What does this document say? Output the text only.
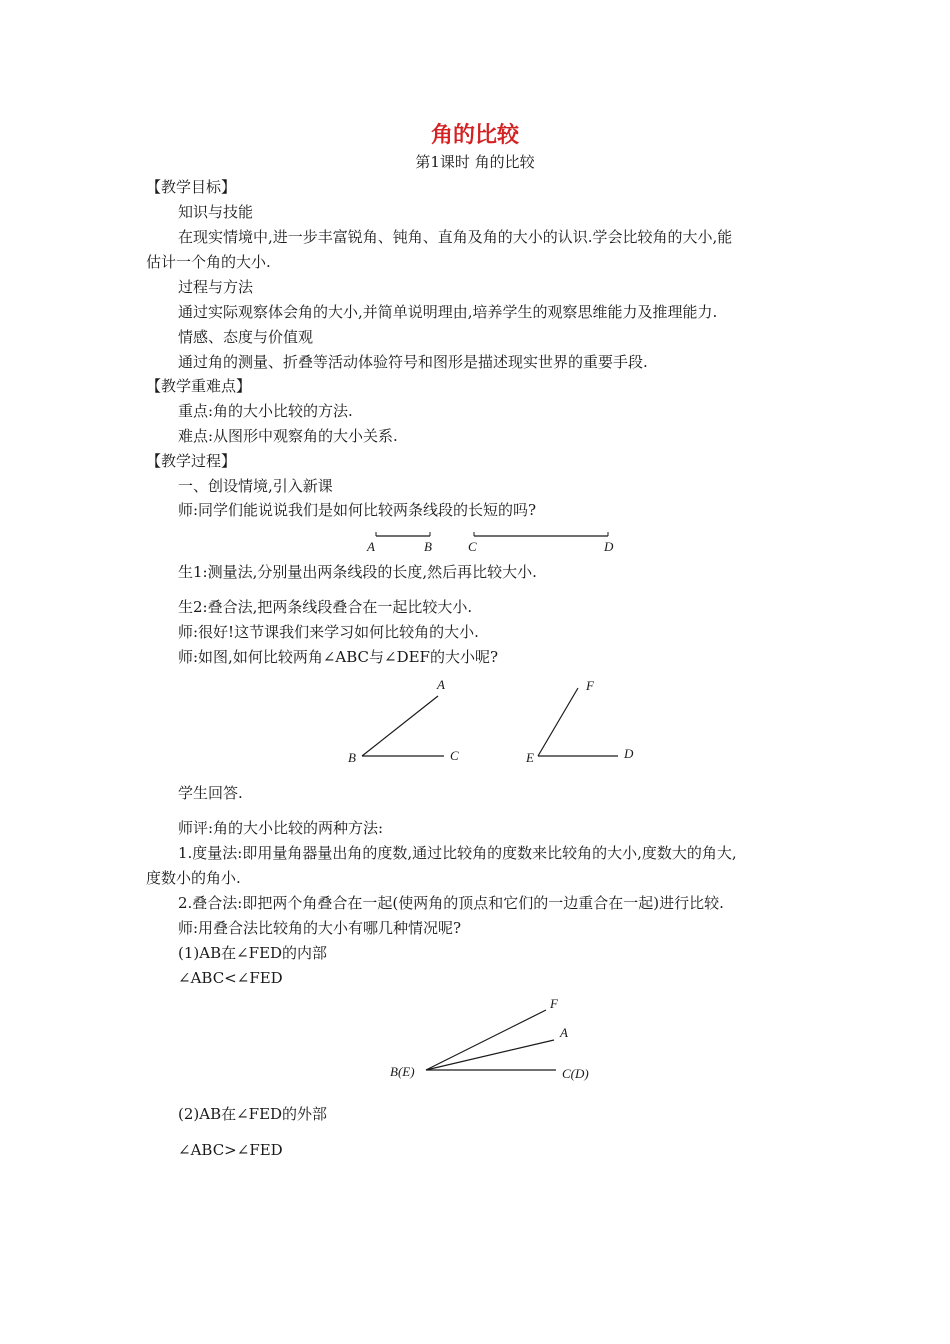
角的比较
第1课时 角的比较
【教学目标】
知识与技能
在现实情境中,进一步丰富锐角、钝角、直角及角的大小的认识.学会比较角的大小,能
估计一个角的大小.
过程与方法
通过实际观察体会角的大小,并简单说明理由,培养学生的观察思维能力及推理能力.
情感、态度与价值观
通过角的测量、折叠等活动体验符号和图形是描述现实世界的重要手段.
【教学重难点】
重点:角的大小比较的方法.
难点:从图形中观察角的大小关系.
【教学过程】
一、创设情境,引入新课
师:同学们能说说我们是如何比较两条线段的长短的吗?
A	B	C	D
生1:测量法,分别量出两条线段的长度,然后再比较大小.
生2:叠合法,把两条线段叠合在一起比较大小.
师:很好!这节课我们来学习如何比较角的大小.
师:如图,如何比较两角∠ABC与∠DEF的大小呢?
A
B	C
F
E	D
学生回答.
师评:角的大小比较的两种方法:
1.度量法:即用量角器量出角的度数,通过比较角的度数来比较角的大小,度数大的角大,
度数小的角小.
2.叠合法:即把两个角叠合在一起(使两角的顶点和它们的一边重合在一起)进行比较.
师:用叠合法比较角的大小有哪几种情况呢?
(1)AB在∠FED的内部
∠ABC<∠FED
F
A
B(E)	C(D)
(2)AB在∠FED的外部
∠ABC>∠FED
